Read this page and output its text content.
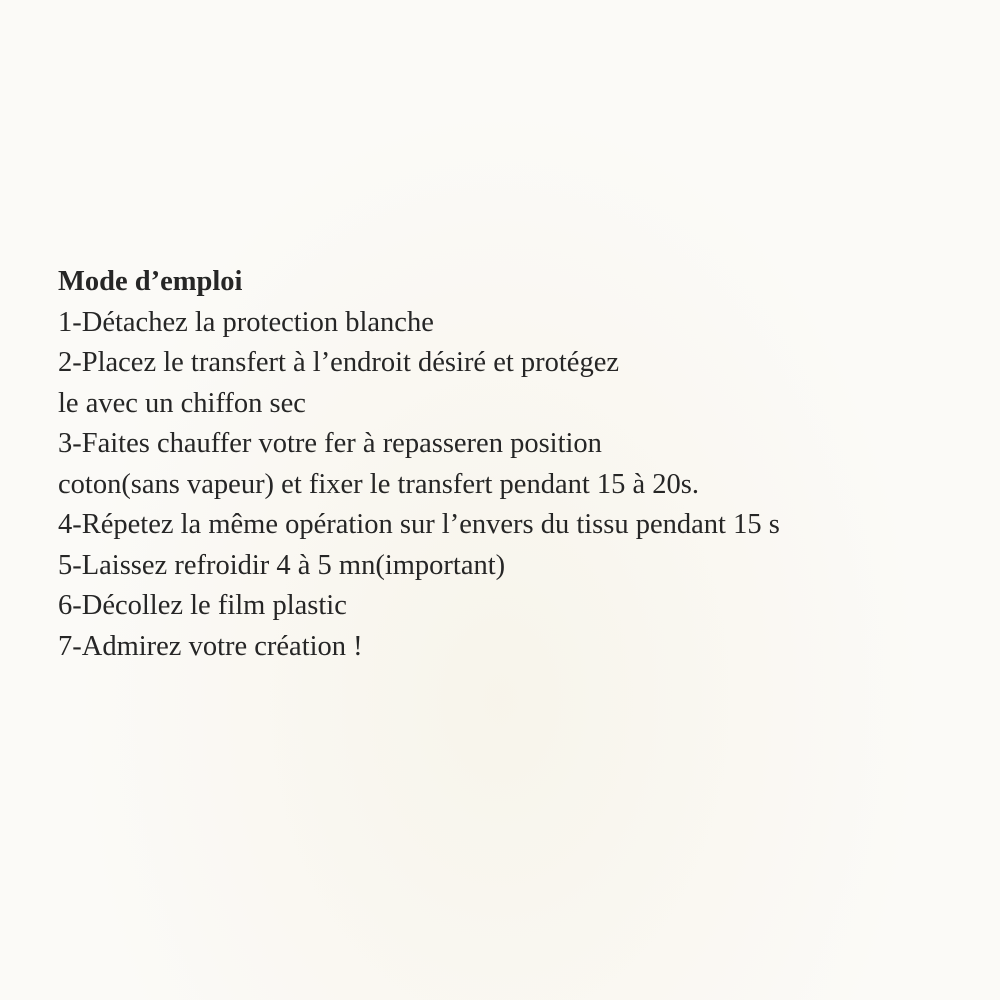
Mode d’emploi
1-Détachez la protection blanche
2-Placez le transfert à l’endroit désiré et protégez
le avec un chiffon sec
3-Faites chauffer votre fer à repasseren position
coton(sans vapeur) et fixer le transfert pendant 15 à 20s.
4-Répetez la même opération sur l’envers du tissu pendant 15 s
5-Laissez refroidir 4 à 5 mn(important)
6-Décollez le film plastic
7-Admirez votre création !
